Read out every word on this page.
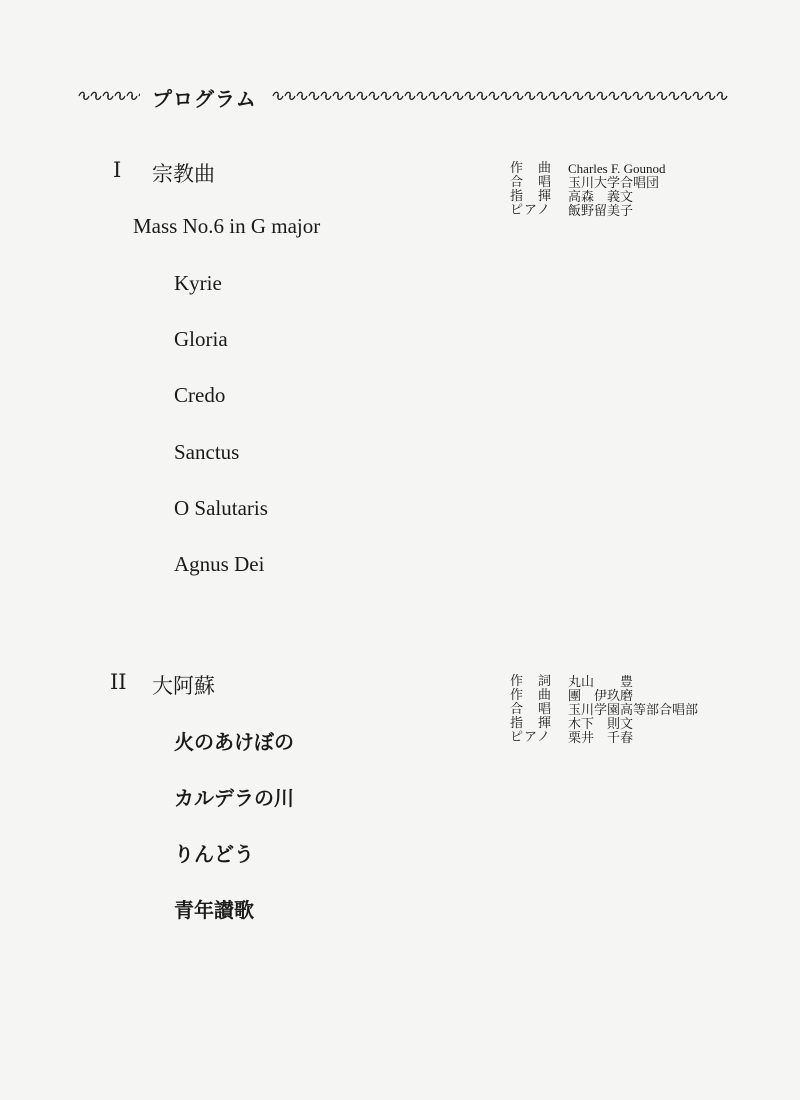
プログラム
I 宗教曲
Mass No.6 in G major
Kyrie
Gloria
Credo
Sanctus
O Salutaris
Agnus Dei
作　曲	Charles F. Gounod
合　唱	玉川大学合唱団
指　揮	高森　義文
ピアノ	飯野留美子
II 大阿蘇
火のあけぼの
カルデラの川
りんどう
青年讃歌
作　詞	丸山　　豊
作　曲	團　伊玖磨
合　唱	玉川学園高等部合唱部
指　揮	木下　則文
ピアノ	栗井　千春
